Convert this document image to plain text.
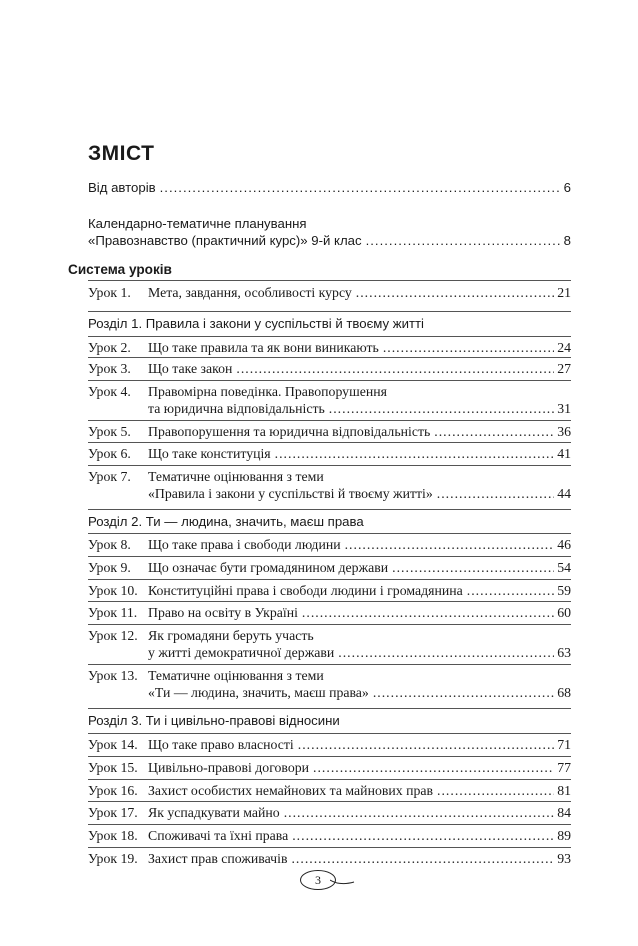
ЗМІСТ
Від авторів .....	6
Календарно-тематичне планування
«Правознавство (практичний курс)» 9-й клас .....	8
Система уроків
Урок 1.	Мета, завдання, особливості курсу .....	21
Розділ 1. Правила і закони у суспільстві й твоєму житті
Урок 2.	Що таке правила та як вони виникають .....	24
Урок 3.	Що таке закон .....	27
Урок 4.	Правомірна поведінка. Правопорушення
та юридична відповідальність .....	31
Урок 5.	Правопорушення та юридична відповідальність .....	36
Урок 6.	Що таке конституція .....	41
Урок 7.	Тематичне оцінювання з теми
«Правила і закони у суспільстві й твоєму житті» .....	44
Розділ 2. Ти — людина, значить, маєш права
Урок 8.	Що таке права і свободи людини .....	46
Урок 9.	Що означає бути громадянином держави .....	54
Урок 10. Конституційні права і свободи людини і громадянина .....	59
Урок 11. Право на освіту в Україні .....	60
Урок 12. Як громадяни беруть участь
у житті демократичної держави .....	63
Урок 13. Тематичне оцінювання з теми
«Ти — людина, значить, маєш права» .....	68
Розділ 3. Ти і цивільно-правові відносини
Урок 14. Що таке право власності .....	71
Урок 15. Цивільно-правові договори .....	77
Урок 16. Захист особистих немайнових та майнових прав .....	81
Урок 17. Як успадкувати майно .....	84
Урок 18. Споживачі та їхні права .....	89
Урок 19. Захист прав споживачів .....	93
3
